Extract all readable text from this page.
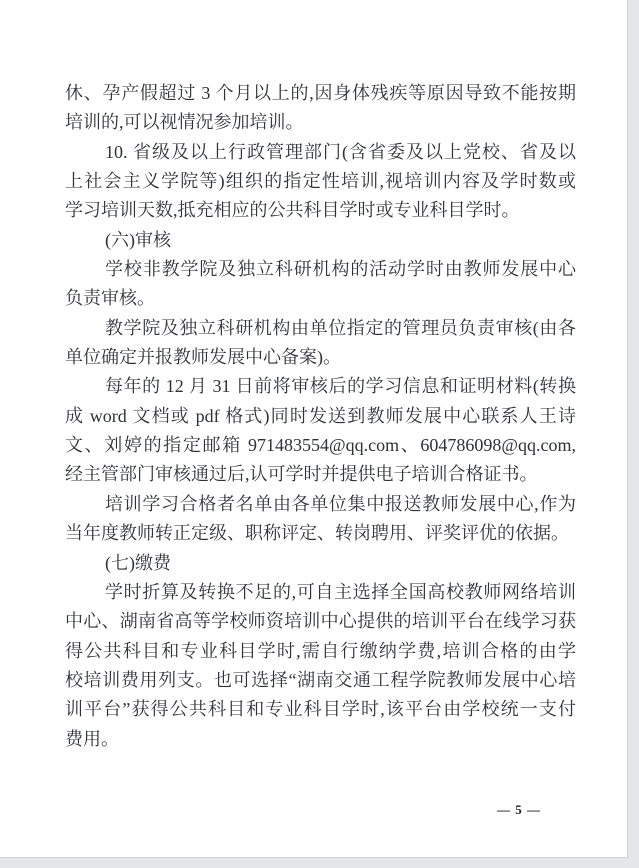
休、孕产假超过 3 个月以上的,因身体残疾等原因导致不能按期
培训的,可以视情况参加培训。
10. 省级及以上行政管理部门(含省委及以上党校、省及以
上社会主义学院等)组织的指定性培训,视培训内容及学时数或
学习培训天数,抵充相应的公共科目学时或专业科目学时。
(六)审核
学校非教学院及独立科研机构的活动学时由教师发展中心
负责审核。
教学院及独立科研机构由单位指定的管理员负责审核(由各
单位确定并报教师发展中心备案)。
每年的 12 月 31 日前将审核后的学习信息和证明材料(转换
成 word 文档或 pdf 格式)同时发送到教师发展中心联系人王诗
文、刘婷的指定邮箱 971483554@qq.com、604786098@qq.com,
经主管部门审核通过后,认可学时并提供电子培训合格证书。
培训学习合格者名单由各单位集中报送教师发展中心,作为
当年度教师转正定级、职称评定、转岗聘用、评奖评优的依据。
(七)缴费
学时折算及转换不足的,可自主选择全国高校教师网络培训
中心、湖南省高等学校师资培训中心提供的培训平台在线学习获
得公共科目和专业科目学时,需自行缴纳学费,培训合格的由学
校培训费用列支。也可选择“湖南交通工程学院教师发展中心培
训平台”获得公共科目和专业科目学时,该平台由学校统一支付
费用。
— 5 —
